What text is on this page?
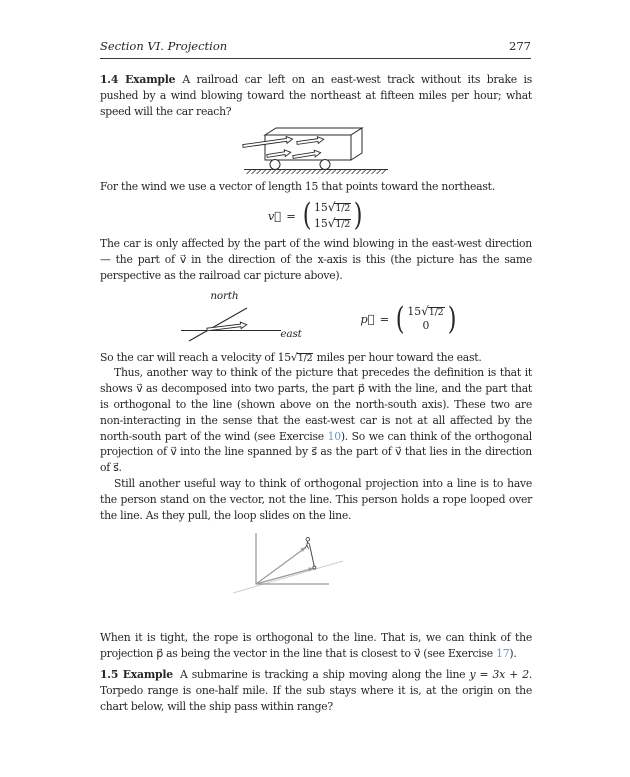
Section VI. Projection	277

1.4 Example A railroad car left on an east-west track without its brake is pushed by a wind blowing toward the northeast at fifteen miles per hour; what speed will the car reach?

For the wind we use a vector of length 15 that points toward the northeast.

v⃗ = ( 15 √ 1/2
15 √ 1/2 )

The car is only affected by the part of the wind blowing in the east-west direction — the part of v⃗ in the direction of the x-axis is this (the picture has the same perspective as the railroad car picture above).

north
east
p⃗ = ( 15 √ 1/2
0 )

So the car will reach a velocity of 15√1/2 miles per hour toward the east.

Thus, another way to think of the picture that precedes the definition is that it shows v⃗ as decomposed into two parts, the part p⃗ with the line, and the part that is orthogonal to the line (shown above on the north-south axis). These two are non-interacting in the sense that the east-west car is not at all affected by the north-south part of the wind (see Exercise 10). So we can think of the orthogonal projection of v⃗ into the line spanned by s⃗ as the part of v⃗ that lies in the direction of s⃗.

Still another useful way to think of orthogonal projection into a line is to have the person stand on the vector, not the line. This person holds a rope looped over the line. As they pull, the loop slides on the line.

When it is tight, the rope is orthogonal to the line. That is, we can think of the projection p⃗ as being the vector in the line that is closest to v⃗ (see Exercise 17).

1.5 Example A submarine is tracking a ship moving along the line y = 3x + 2. Torpedo range is one-half mile. If the sub stays where it is, at the origin on the chart below, will the ship pass within range?
